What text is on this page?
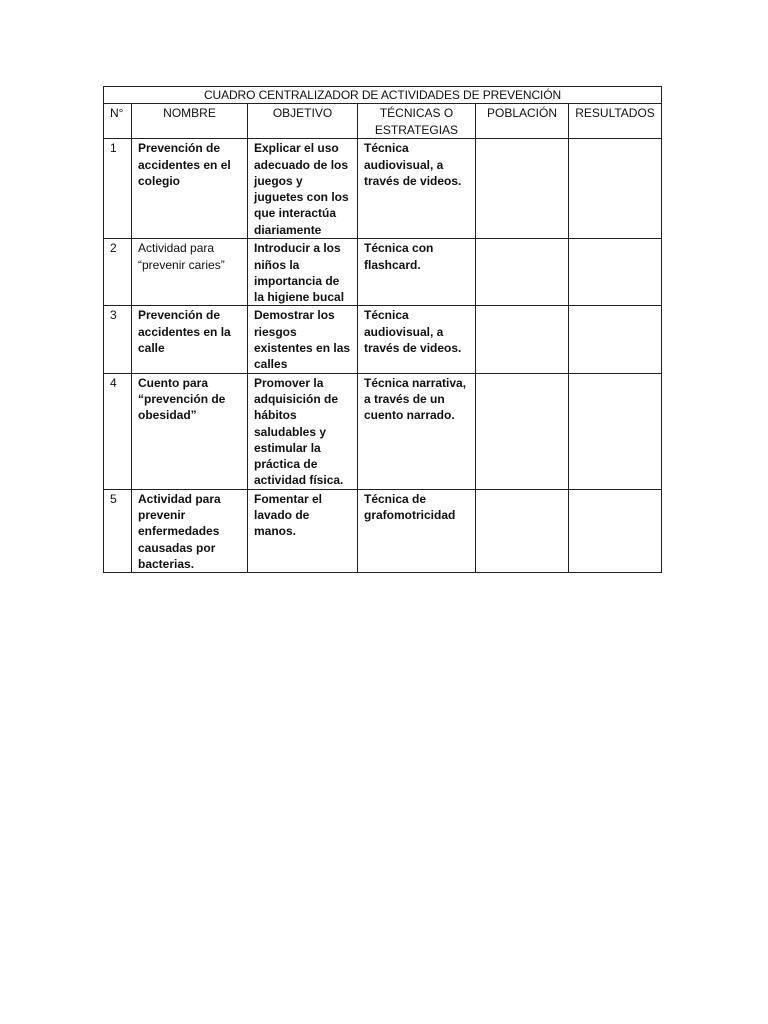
CUADRO CENTRALIZADOR DE ACTIVIDADES DE PREVENCIÓN					
N°	NOMBRE	OBJETIVO	TÉCNICAS O ESTRATEGIAS	POBLACIÓN	RESULTADOS
1	Prevención de accidentes en el colegio	Explicar el uso adecuado de los juegos y juguetes con los que interactúa diariamente	Técnica audiovisual, a través de videos.		
2	Actividad para “prevenir caries”	Introducir a los niños la importancia de la higiene bucal	Técnica con flashcard.		
3	Prevención de accidentes en la calle	Demostrar los riesgos existentes en las calles	Técnica audiovisual, a través de videos.		
4	Cuento para “prevención de obesidad”	Promover la adquisición de hábitos saludables y estimular la práctica de actividad física.	Técnica narrativa, a través de un cuento narrado.		
5	Actividad para prevenir enfermedades causadas por bacterias.	Fomentar el lavado de manos.	Técnica de grafomotricidad		
